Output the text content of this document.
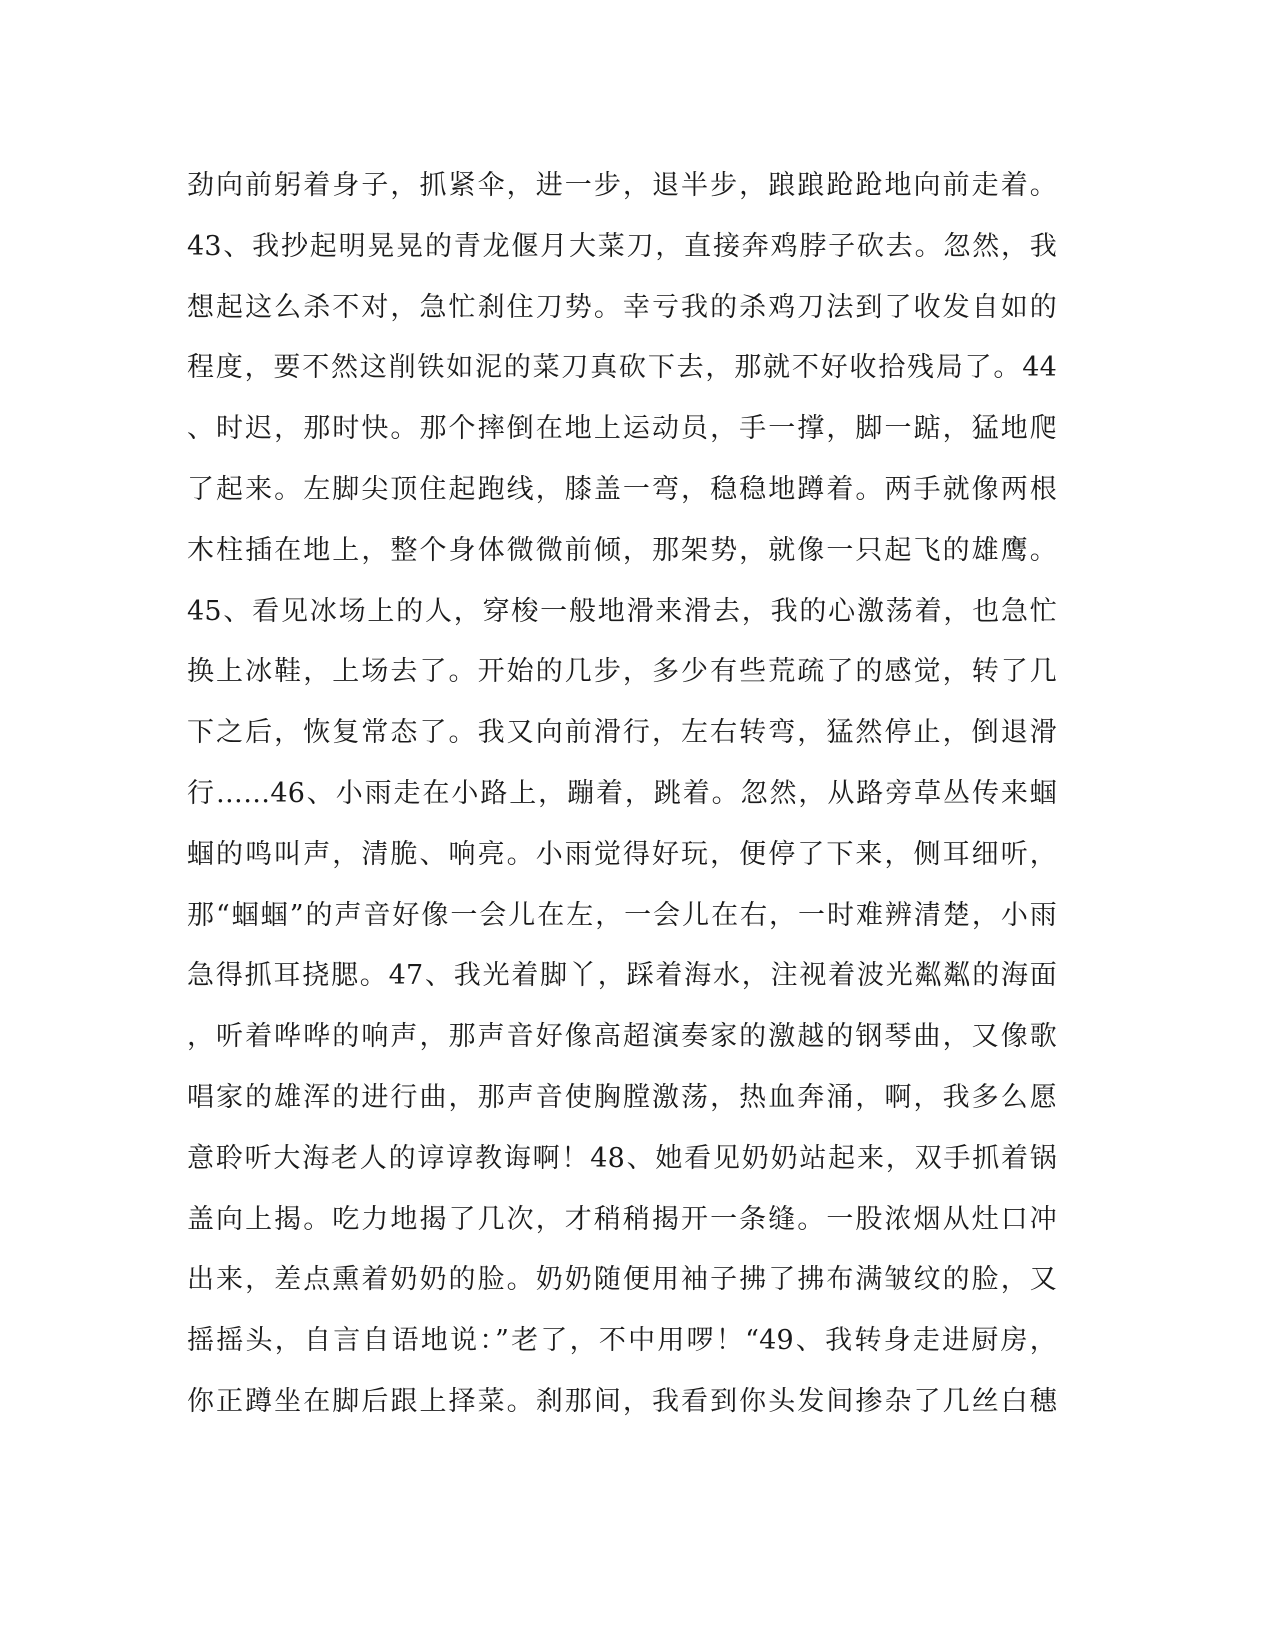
劲向前躬着身子，抓紧伞，进一步，退半步，踉踉跄跄地向前走着。
43、我抄起明晃晃的青龙偃月大菜刀，直接奔鸡脖子砍去。忽然，我
想起这么杀不对，急忙刹住刀势。幸亏我的杀鸡刀法到了收发自如的
程度，要不然这削铁如泥的菜刀真砍下去，那就不好收拾残局了。44
、时迟，那时快。那个摔倒在地上运动员，手一撑，脚一踮，猛地爬
了起来。左脚尖顶住起跑线，膝盖一弯，稳稳地蹲着。两手就像两根
木柱插在地上，整个身体微微前倾，那架势，就像一只起飞的雄鹰。
45、看见冰场上的人，穿梭一般地滑来滑去，我的心激荡着，也急忙
换上冰鞋，上场去了。开始的几步，多少有些荒疏了的感觉，转了几
下之后，恢复常态了。我又向前滑行，左右转弯，猛然停止，倒退滑
行……46、小雨走在小路上，蹦着，跳着。忽然，从路旁草丛传来蝈
蝈的鸣叫声，清脆、响亮。小雨觉得好玩，便停了下来，侧耳细听，
那“蝈蝈”的声音好像一会儿在左，一会儿在右，一时难辨清楚，小雨
急得抓耳挠腮。47、我光着脚丫，踩着海水，注视着波光粼粼的海面
，听着哗哗的响声，那声音好像高超演奏家的激越的钢琴曲，又像歌
唱家的雄浑的进行曲，那声音使胸膛激荡，热血奔涌，啊，我多么愿
意聆听大海老人的谆谆教诲啊！48、她看见奶奶站起来，双手抓着锅
盖向上揭。吃力地揭了几次，才稍稍揭开一条缝。一股浓烟从灶口冲
出来，差点熏着奶奶的脸。奶奶随便用袖子拂了拂布满皱纹的脸，又
摇摇头，自言自语地说：”老了，不中用啰！“49、我转身走进厨房，
你正蹲坐在脚后跟上择菜。刹那间，我看到你头发间掺杂了几丝白穗
